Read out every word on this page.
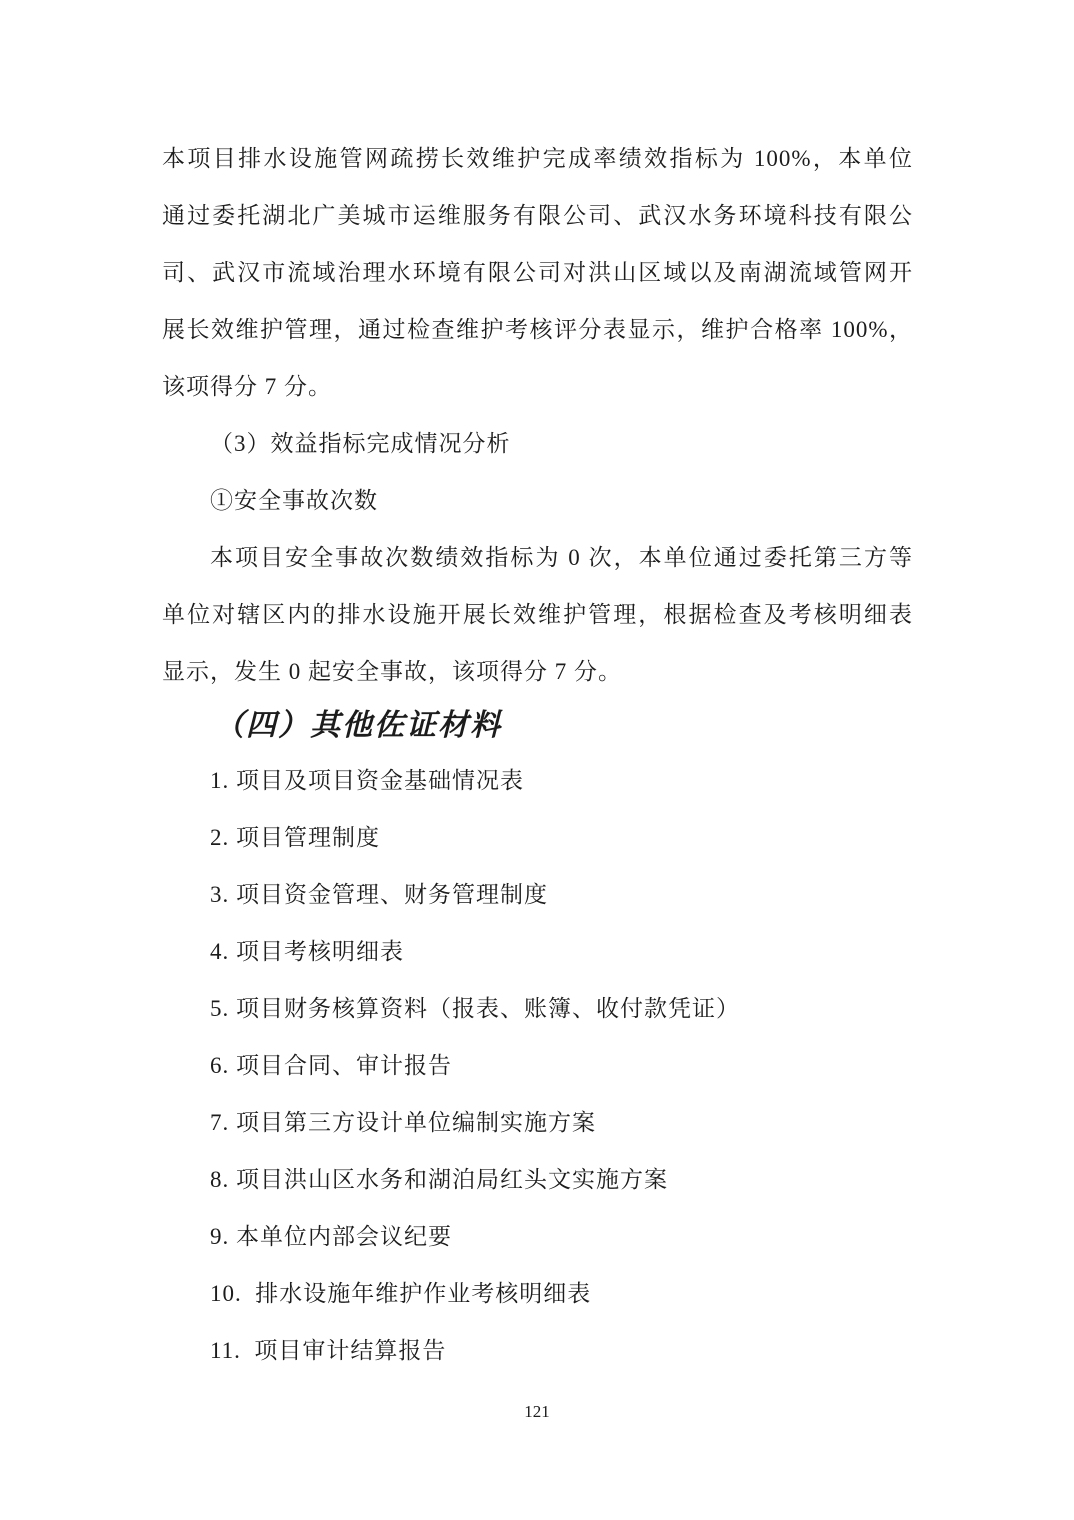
本项目排水设施管网疏捞长效维护完成率绩效指标为 100%，本单位
通过委托湖北广美城市运维服务有限公司、武汉水务环境科技有限公
司、武汉市流域治理水环境有限公司对洪山区域以及南湖流域管网开
展长效维护管理，通过检查维护考核评分表显示，维护合格率 100%，
该项得分 7 分。
（3）效益指标完成情况分析
①安全事故次数
本项目安全事故次数绩效指标为 0 次，本单位通过委托第三方等
单位对辖区内的排水设施开展长效维护管理，根据检查及考核明细表
显示，发生 0 起安全事故，该项得分 7 分。
（四）其他佐证材料
1. 项目及项目资金基础情况表
2. 项目管理制度
3. 项目资金管理、财务管理制度
4. 项目考核明细表
5. 项目财务核算资料（报表、账簿、收付款凭证）
6. 项目合同、审计报告
7. 项目第三方设计单位编制实施方案
8. 项目洪山区水务和湖泊局红头文实施方案
9. 本单位内部会议纪要
10.  排水设施年维护作业考核明细表
11.  项目审计结算报告
121
